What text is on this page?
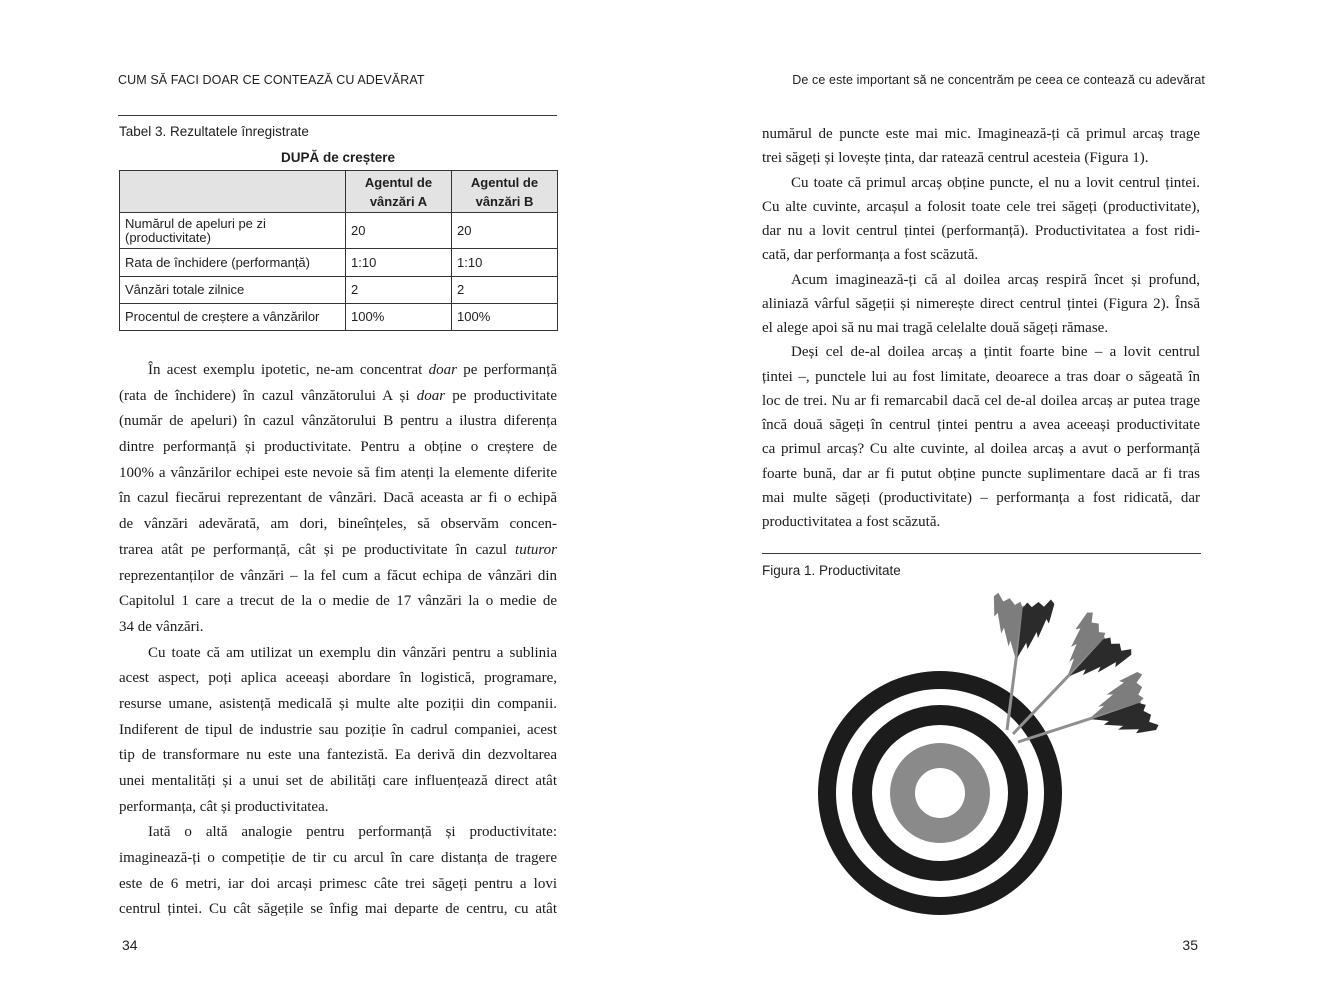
CUM SĂ FACI DOAR CE CONTEAZĂ CU ADEVĂRAT
Tabel 3. Rezultatele înregistrate
DUPĂ de creștere
	Agentul de vânzări A	Agentul de vânzări B
Numărul de apeluri pe zi (productivitate)	20	20
Rata de închidere (performanță)	1:10	1:10
Vânzări totale zilnice	2	2
Procentul de creștere a vânzărilor	100%	100%
În acest exemplu ipotetic, ne-am concentrat doar pe performanță
(rata de închidere) în cazul vânzătorului A și doar pe productivitate
(număr de apeluri) în cazul vânzătorului B pentru a ilustra diferența
dintre performanță și productivitate. Pentru a obține o creștere de
100% a vânzărilor echipei este nevoie să fim atenți la elemente diferite
în cazul fiecărui reprezentant de vânzări. Dacă aceasta ar fi o echipă
de vânzări adevărată, am dori, bineînțeles, să observăm concen-
trarea atât pe performanță, cât și pe productivitate în cazul tuturor
reprezentanților de vânzări – la fel cum a făcut echipa de vânzări din
Capitolul 1 care a trecut de la o medie de 17 vânzări la o medie de
34 de vânzări.
Cu toate că am utilizat un exemplu din vânzări pentru a sublinia
acest aspect, poți aplica aceeași abordare în logistică, programare,
resurse umane, asistență medicală și multe alte poziții din companii.
Indiferent de tipul de industrie sau poziție în cadrul companiei, acest
tip de transformare nu este una fantezistă. Ea derivă din dezvoltarea
unei mentalități și a unui set de abilități care influențează direct atât
performanța, cât și productivitatea.
Iată o altă analogie pentru performanță și productivitate:
imaginează-ți o competiție de tir cu arcul în care distanța de tragere
este de 6 metri, iar doi arcași primesc câte trei săgeți pentru a lovi
centrul țintei. Cu cât săgețile se înfig mai departe de centru, cu atât
34
De ce este important să ne concentrăm pe ceea ce contează cu adevărat
numărul de puncte este mai mic. Imaginează-ți că primul arcaș trage
trei săgeți și lovește ținta, dar ratează centrul acesteia (Figura 1).
Cu toate că primul arcaș obține puncte, el nu a lovit centrul țintei.
Cu alte cuvinte, arcașul a folosit toate cele trei săgeți (productivitate),
dar nu a lovit centrul țintei (performanță). Productivitatea a fost ridi-
cată, dar performanța a fost scăzută.
Acum imaginează-ți că al doilea arcaș respiră încet și profund,
aliniază vârful săgeții și nimerește direct centrul țintei (Figura 2). Însă
el alege apoi să nu mai tragă celelalte două săgeți rămase.
Deși cel de-al doilea arcaș a țintit foarte bine – a lovit centrul
țintei –, punctele lui au fost limitate, deoarece a tras doar o săgeată în
loc de trei. Nu ar fi remarcabil dacă cel de-al doilea arcaș ar putea trage
încă două săgeți în centrul țintei pentru a avea aceeași productivitate
ca primul arcaș? Cu alte cuvinte, al doilea arcaș a avut o performanță
foarte bună, dar ar fi putut obține puncte suplimentare dacă ar fi tras
mai multe săgeți (productivitate) – performanța a fost ridicată, dar
productivitatea a fost scăzută.
Figura 1. Productivitate
35
